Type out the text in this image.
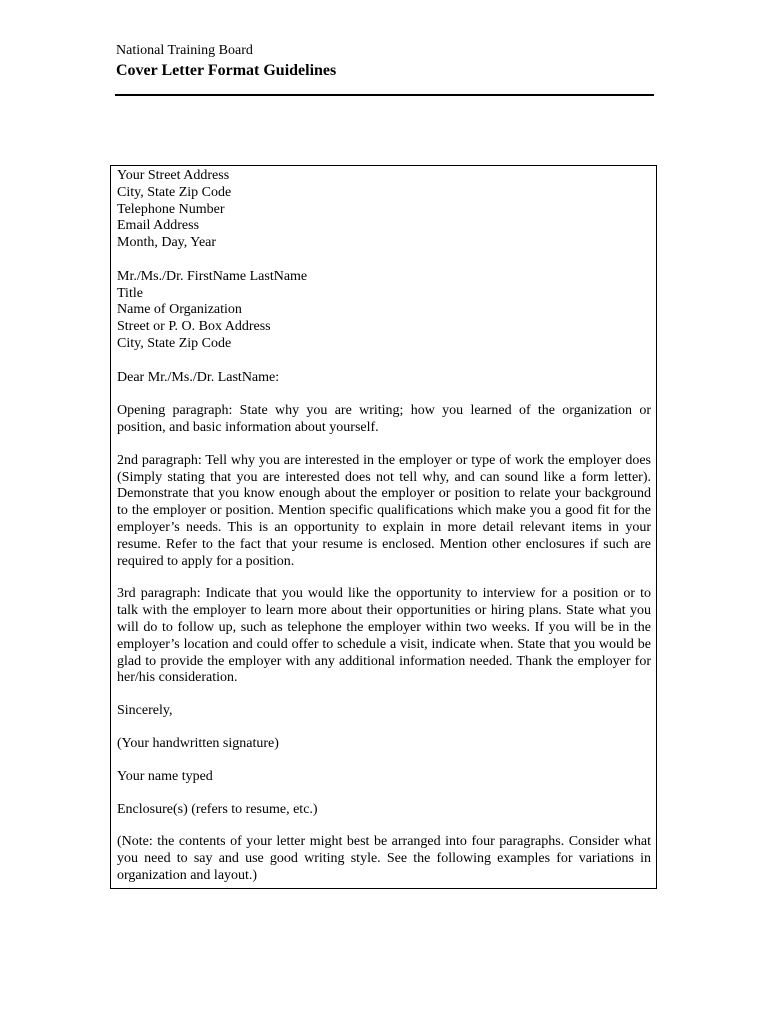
National Training Board
Cover Letter Format Guidelines
Your Street Address
City, State Zip Code
Telephone Number
Email Address
Month, Day, Year
Mr./Ms./Dr. FirstName LastName
Title
Name of Organization
Street or P. O. Box Address
City, State Zip Code
Dear Mr./Ms./Dr. LastName:
Opening paragraph: State why you are writing; how you learned of the organization or position, and basic information about yourself.
2nd paragraph: Tell why you are interested in the employer or type of work the employer does (Simply stating that you are interested does not tell why, and can sound like a form letter). Demonstrate that you know enough about the employer or position to relate your background to the employer or position. Mention specific qualifications which make you a good fit for the employer’s needs. This is an opportunity to explain in more detail relevant items in your resume. Refer to the fact that your resume is enclosed. Mention other enclosures if such are required to apply for a position.
3rd paragraph: Indicate that you would like the opportunity to interview for a position or to talk with the employer to learn more about their opportunities or hiring plans. State what you will do to follow up, such as telephone the employer within two weeks. If you will be in the employer’s location and could offer to schedule a visit, indicate when. State that you would be glad to provide the employer with any additional information needed. Thank the employer for her/his consideration.
Sincerely,
(Your handwritten signature)
Your name typed
Enclosure(s) (refers to resume, etc.)
(Note: the contents of your letter might best be arranged into four paragraphs. Consider what you need to say and use good writing style. See the following examples for variations in organization and layout.)
